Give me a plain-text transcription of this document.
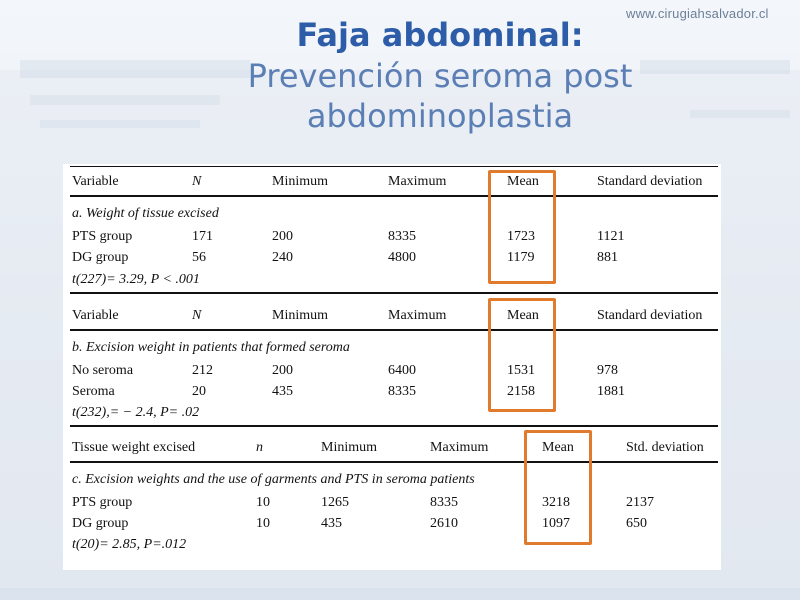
www.cirugiahsalvador.cl
Faja abdominal:
Prevención seroma post
abdominoplastia
Variable	N	Minimum	Maximum	Mean	Standard deviation
a. Weight of tissue excised
PTS group	171	200	8335	1723	1121
DG group	56	240	4800	1179	881
t(227)= 3.29, P < .001
Variable	N	Minimum	Maximum	Mean	Standard deviation
b. Excision weight in patients that formed seroma
No seroma	212	200	6400	1531	978
Seroma	20	435	8335	2158	1881
t(232),= − 2.4, P= .02
Tissue weight excised	n	Minimum	Maximum	Mean	Std. deviation
c. Excision weights and the use of garments and PTS in seroma patients
PTS group	10	1265	8335	3218	2137
DG group	10	435	2610	1097	650
t(20)= 2.85, P=.012
